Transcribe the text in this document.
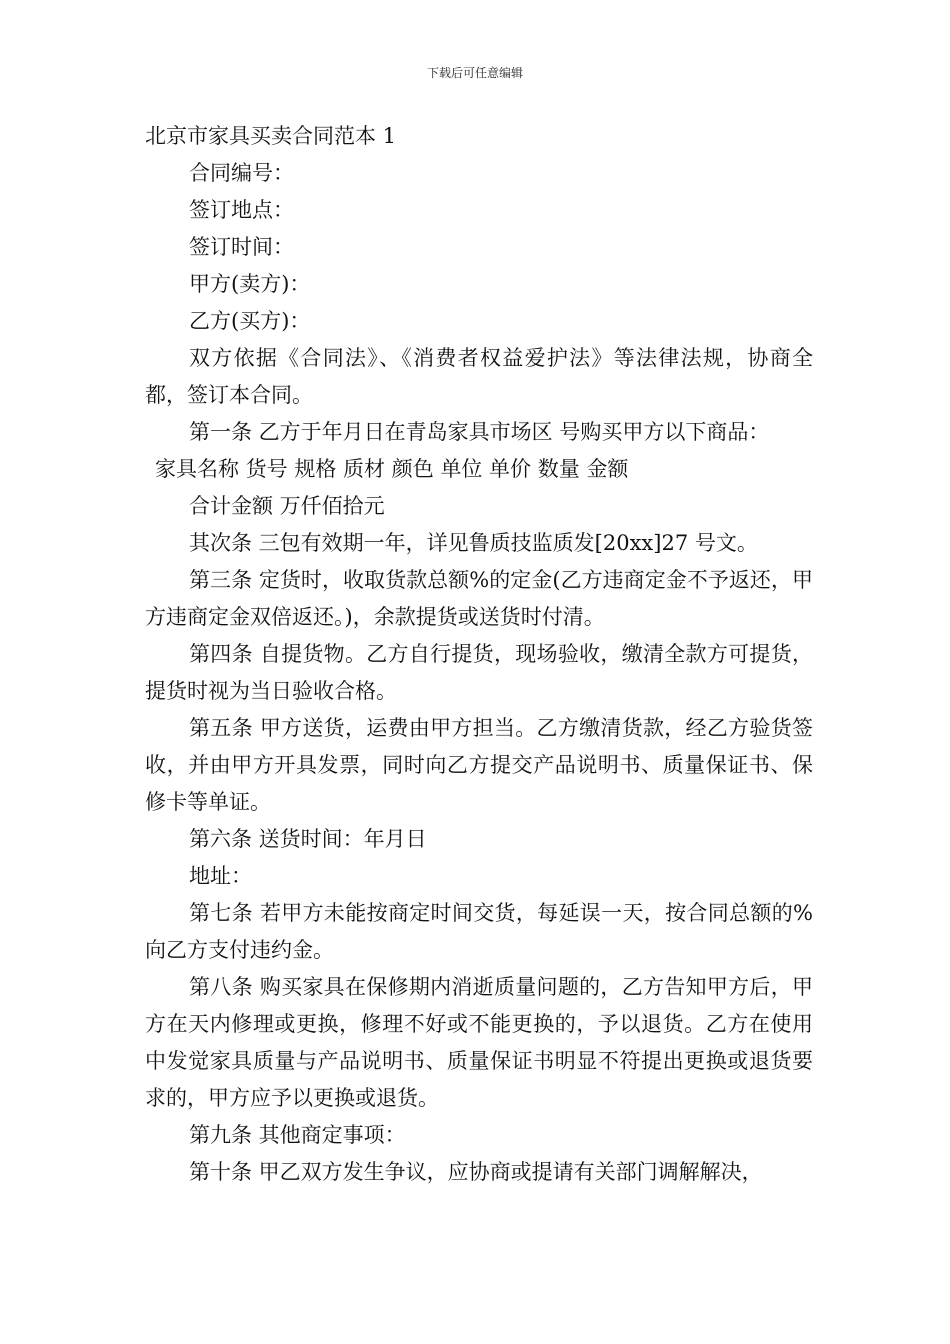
下载后可任意编辑
北京市家具买卖合同范本 1

合同编号：

签订地点：

签订时间：

甲方(卖方)：

乙方(买方)：

双方依据《合同法》、《消费者权益爱护法》等法律法规，协商全都，签订本合同。

第一条 乙方于年月日在青岛家具市场区 号购买甲方以下商品：

家具名称 货号 规格 质材 颜色 单位 单价 数量 金额

合计金额 万仟佰拾元

其次条 三包有效期一年，详见鲁质技监质发[20xx]27 号文。

第三条 定货时，收取货款总额%的定金(乙方违商定金不予返还，甲方违商定金双倍返还。)，余款提货或送货时付清。

第四条 自提货物。乙方自行提货，现场验收，缴清全款方可提货，提货时视为当日验收合格。

第五条 甲方送货，运费由甲方担当。乙方缴清货款，经乙方验货签收，并由甲方开具发票，同时向乙方提交产品说明书、质量保证书、保修卡等单证。

第六条 送货时间：年月日

地址：

第七条 若甲方未能按商定时间交货，每延误一天，按合同总额的%向乙方支付违约金。

第八条 购买家具在保修期内消逝质量问题的，乙方告知甲方后，甲方在天内修理或更换，修理不好或不能更换的，予以退货。乙方在使用中发觉家具质量与产品说明书、质量保证书明显不符提出更换或退货要求的，甲方应予以更换或退货。

第九条 其他商定事项：

第十条 甲乙双方发生争议，应协商或提请有关部门调解解决，
